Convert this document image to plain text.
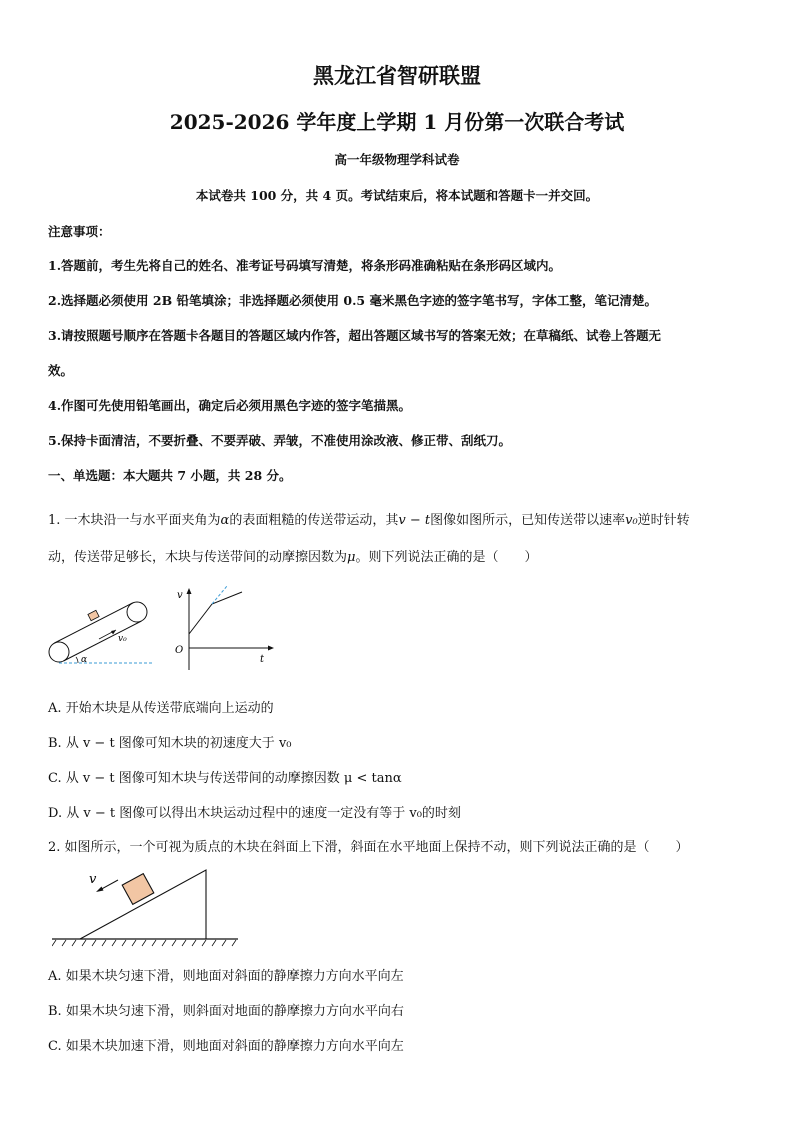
黑龙江省智研联盟
2025-2026 学年度上学期 1 月份第一次联合考试
高一年级物理学科试卷
本试卷共 100 分，共 4 页。考试结束后，将本试题和答题卡一并交回。
注意事项：
1.答题前，考生先将自己的姓名、准考证号码填写清楚，将条形码准确粘贴在条形码区域内。
2.选择题必须使用 2B 铅笔填涂；非选择题必须使用 0.5 毫米黑色字迹的签字笔书写，字体工整，笔记清楚。
3.请按照题号顺序在答题卡各题目的答题区域内作答，超出答题区域书写的答案无效；在草稿纸、试卷上答题无
效。
4.作图可先使用铅笔画出，确定后必须用黑色字迹的签字笔描黑。
5.保持卡面清洁，不要折叠、不要弄破、弄皱，不准使用涂改液、修正带、刮纸刀。
一、单选题：本大题共 7 小题，共 28 分。
1. 一木块沿一与水平面夹角为α的表面粗糙的传送带运动，其v − t图像如图所示，已知传送带以速率v₀逆时针转
动，传送带足够长，木块与传送带间的动摩擦因数为μ。则下列说法正确的是（　　）
v₀
α
v
O
t
A. 开始木块是从传送带底端向上运动的
B. 从 v − t 图像可知木块的初速度大于 v₀
C. 从 v − t 图像可知木块与传送带间的动摩擦因数 μ < tanα
D. 从 v − t 图像可以得出木块运动过程中的速度一定没有等于 v₀的时刻
2. 如图所示，一个可视为质点的木块在斜面上下滑，斜面在水平地面上保持不动，则下列说法正确的是（　　）
v
A. 如果木块匀速下滑，则地面对斜面的静摩擦力方向水平向左
B. 如果木块匀速下滑，则斜面对地面的静摩擦力方向水平向右
C. 如果木块加速下滑，则地面对斜面的静摩擦力方向水平向左
